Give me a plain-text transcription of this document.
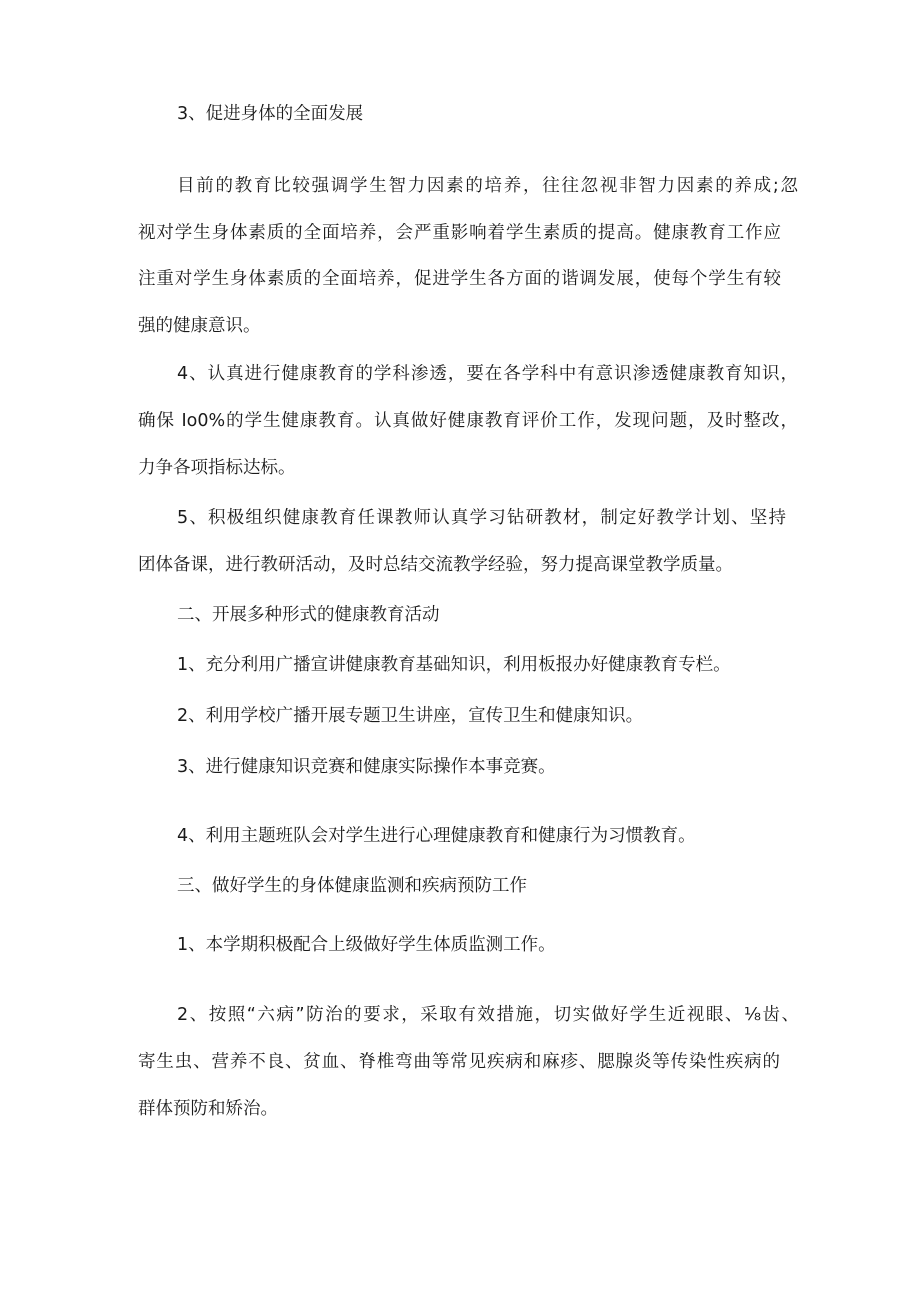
3、促进身体的全面发展
目前的教育比较强调学生智力因素的培养，往往忽视非智力因素的养成;忽
视对学生身体素质的全面培养，会严重影响着学生素质的提高。健康教育工作应
注重对学生身体素质的全面培养，促进学生各方面的谐调发展，使每个学生有较
强的健康意识。
4、认真进行健康教育的学科渗透，要在各学科中有意识渗透健康教育知识，
确保 Io0%的学生健康教育。认真做好健康教育评价工作，发现问题，及时整改，
力争各项指标达标。
5、积极组织健康教育任课教师认真学习钻研教材，制定好教学计划、坚持
团体备课，进行教研活动，及时总结交流教学经验，努力提高课堂教学质量。
二、开展多种形式的健康教育活动
1、充分利用广播宣讲健康教育基础知识，利用板报办好健康教育专栏。
2、利用学校广播开展专题卫生讲座，宣传卫生和健康知识。
3、进行健康知识竞赛和健康实际操作本事竞赛。
4、利用主题班队会对学生进行心理健康教育和健康行为习惯教育。
三、做好学生的身体健康监测和疾病预防工作
1、本学期积极配合上级做好学生体质监测工作。
2、按照“六病”防治的要求，采取有效措施，切实做好学生近视眼、⅛齿、
寄生虫、营养不良、贫血、脊椎弯曲等常见疾病和麻疹、腮腺炎等传染性疾病的
群体预防和矫治。
